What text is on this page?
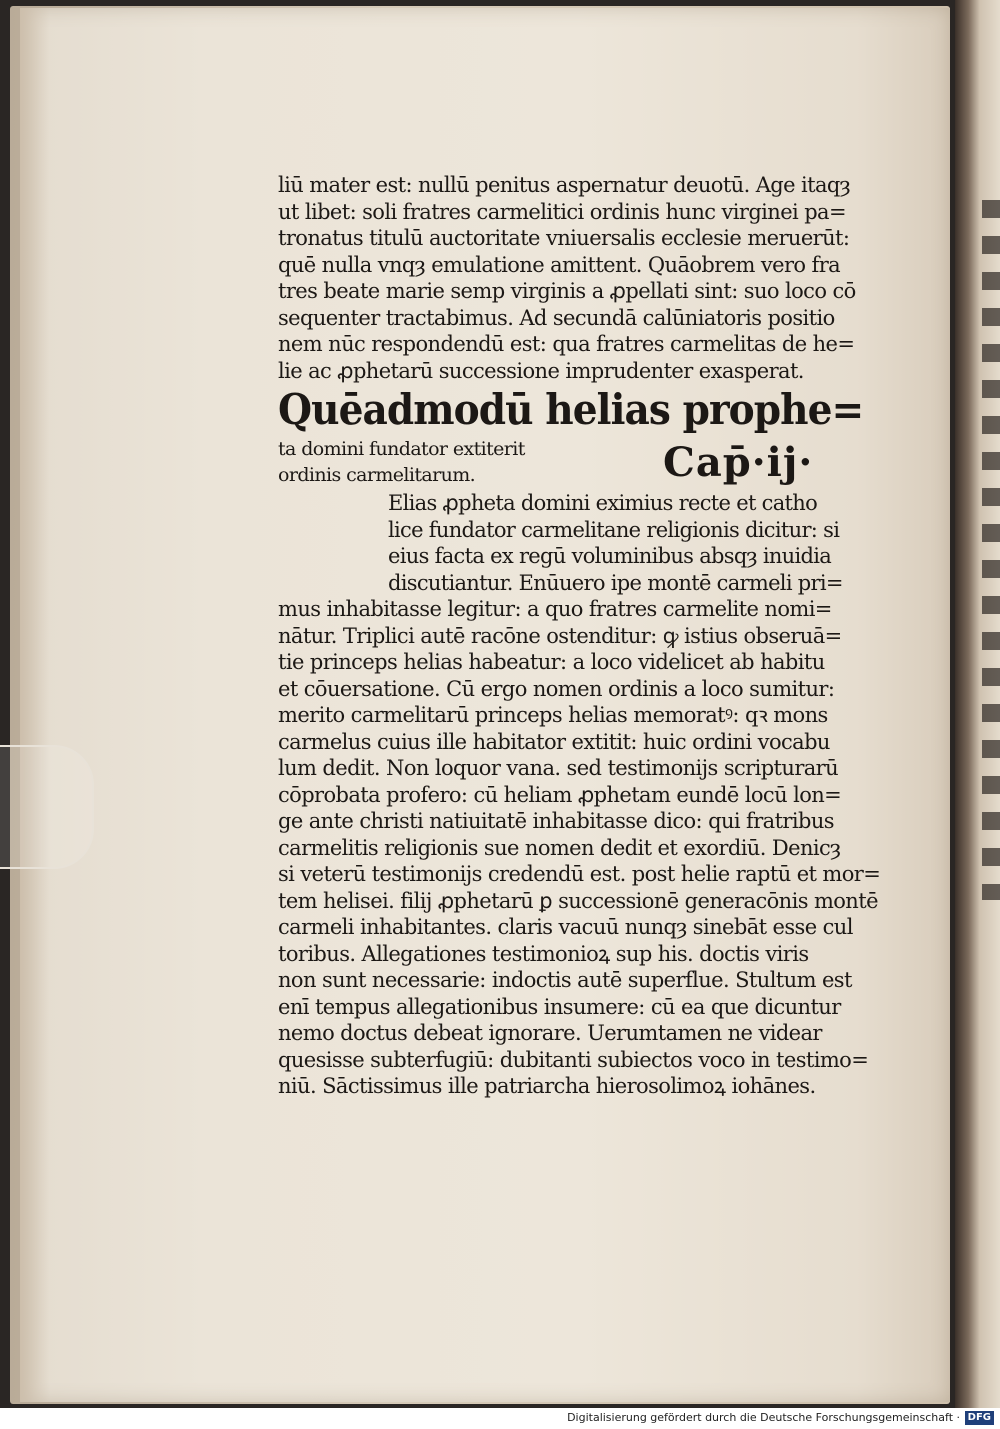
liū mater est: nullū penitus aspernatur deuotū. Age itaqȝ
ut libet: soli fratres carmelitici ordinis hunc virginei pa=
tronatus titulū auctoritate vniuersalis ecclesie meruerūt:
quē nulla vnqȝ emulatione amittent. Quāobrem vero fra
tres beate marie semp virginis a ꝓpellati sint: suo loco cō
sequenter tractabimus. Ad secundā calūniatoris positio
nem nūc respondendū est: qua fratres carmelitas de he=
lie ac ꝓphetarū successione imprudenter exasperat.
Quēadmodū helias prophe=
ta domini fundator extiterit
ordinis carmelitarum.	Cap̄·ij·
Elias ꝓpheta domini eximius recte et catho
lice fundator carmelitane religionis dicitur: si
eius facta ex regū voluminibus absqȝ inuidia
discutiantur. Enūuero ipe montē carmeli pri=
mus inhabitasse legitur: a quo fratres carmelite nomi=
nātur. Triplici autē racōne ostenditur: ꝙ istius obseruā=
tie princeps helias habeatur: a loco videlicet ab habitu
et cōuersatione. Cū ergo nomen ordinis a loco sumitur:
merito carmelitarū princeps helias memoratꝰ: qꝛ mons
carmelus cuius ille habitator extitit: huic ordini vocabu
lum dedit. Non loquor vana. sed testimonijs scripturarū
cōprobata profero: cū heliam ꝓphetam eundē locū lon=
ge ante christi natiuitatē inhabitasse dico: qui fratribus
carmelitis religionis sue nomen dedit et exordiū. Denicȝ
si veterū testimonijs credendū est. post helie raptū et mor=
tem helisei. filij ꝓphetarū ꝑ successionē generacōnis montē
carmeli inhabitantes. claris vacuū nunqȝ sinebāt esse cul
toribus. Allegationes testimonioꝝ sup his. doctis viris
non sunt necessarie: indoctis autē superflue. Stultum est
enī tempus allegationibus insumere: cū ea que dicuntur
nemo doctus debeat ignorare. Uerumtamen ne videar
quesisse subterfugiū: dubitanti subiectos voco in testimo=
niū. Sāctissimus ille patriarcha hierosolimoꝝ iohānes.
Digitalisierung gefördert durch die Deutsche Forschungsgemeinschaft · DFG
